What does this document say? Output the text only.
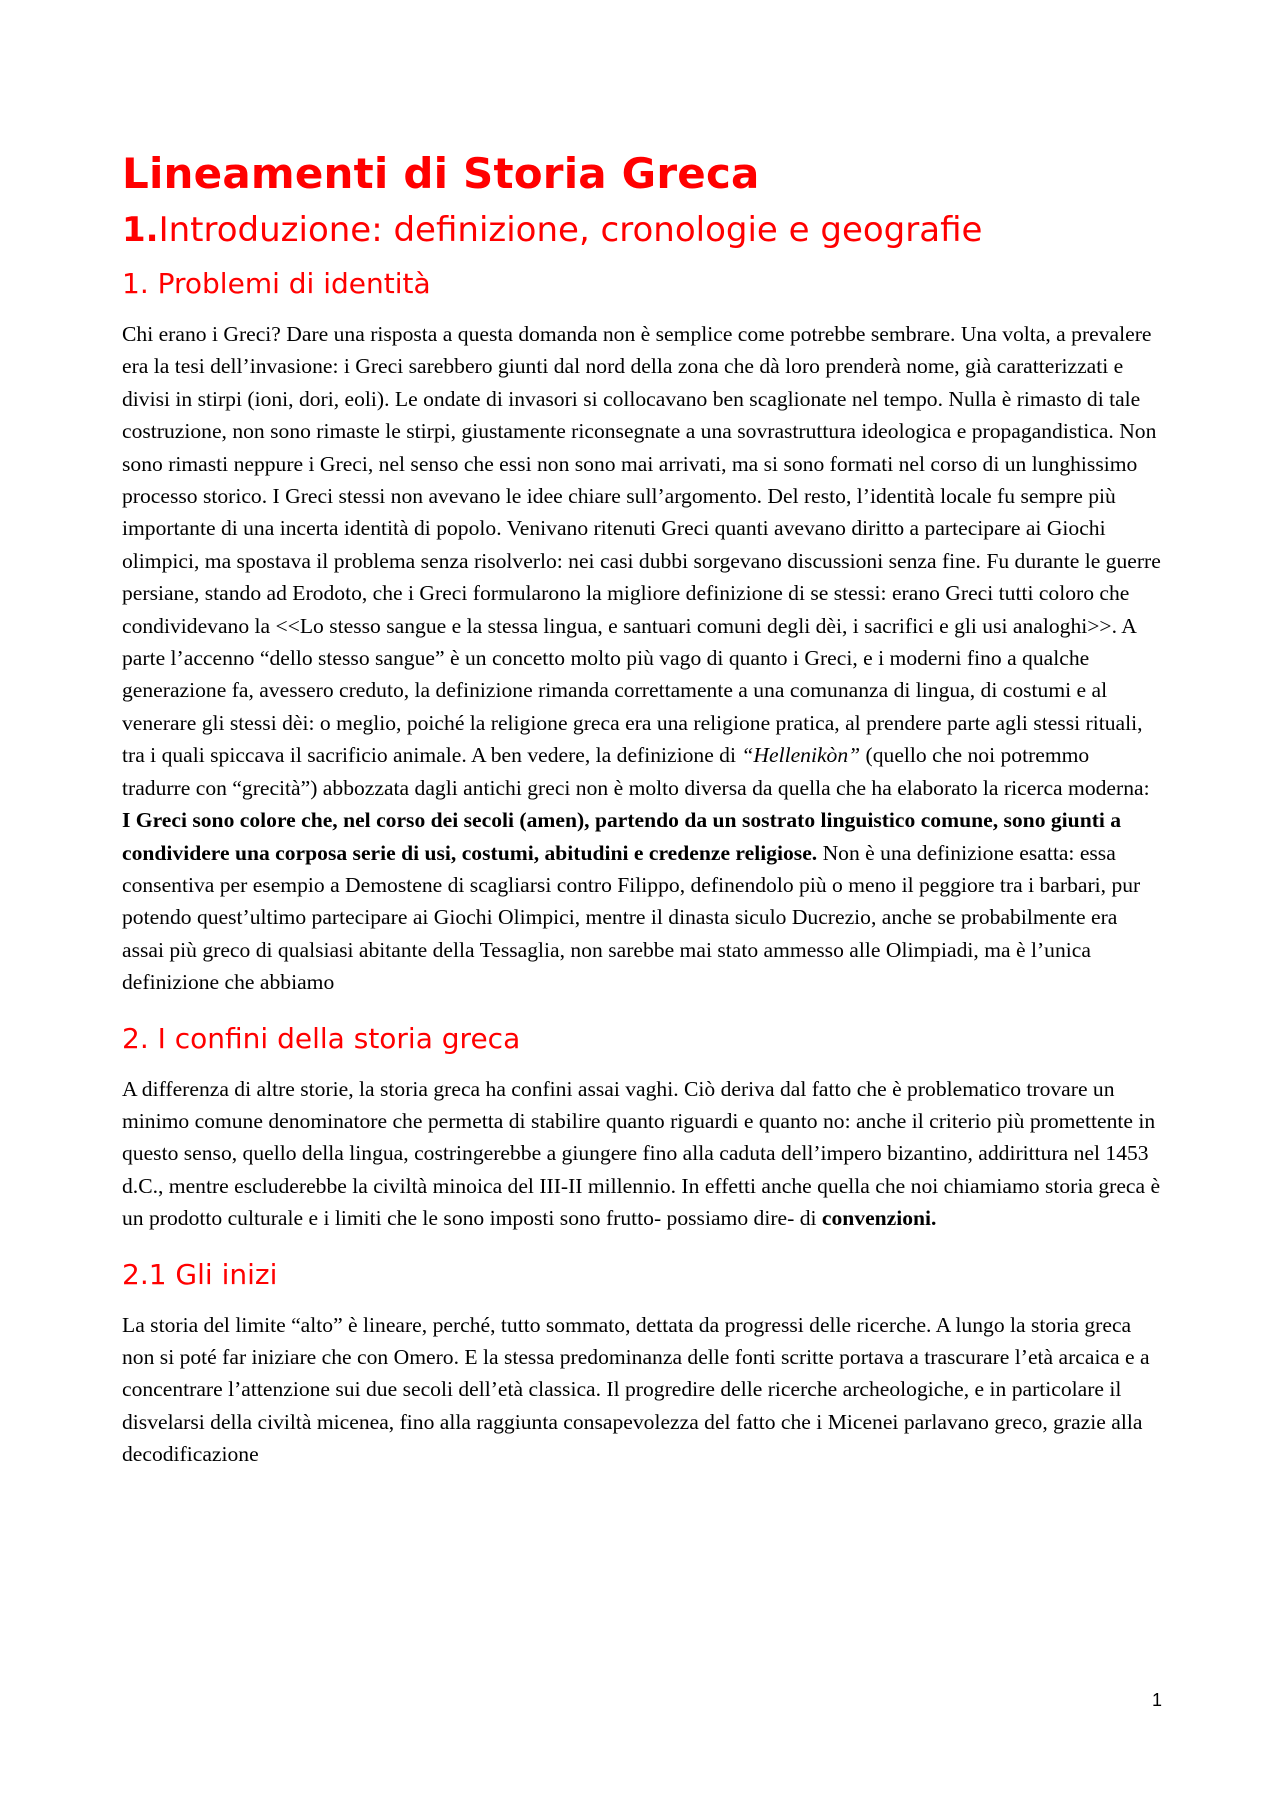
Lineamenti di Storia Greca
1.Introduzione: definizione, cronologie e geografie
1. Problemi di identità

Chi erano i Greci? Dare una risposta a questa domanda non è semplice come potrebbe sembrare. Una volta, a prevalere era la tesi dell’invasione: i Greci sarebbero giunti dal nord della zona che dà loro prenderà nome, già caratterizzati e divisi in stirpi (ioni, dori, eoli). Le ondate di invasori si collocavano ben scaglionate nel tempo. Nulla è rimasto di tale costruzione, non sono rimaste le stirpi, giustamente riconsegnate a una sovrastruttura ideologica e propagandistica. Non sono rimasti neppure i Greci, nel senso che essi non sono mai arrivati, ma si sono formati nel corso di un lunghissimo processo storico. I Greci stessi non avevano le idee chiare sull’argomento. Del resto, l’identità locale fu sempre più importante di una incerta identità di popolo. Venivano ritenuti Greci quanti avevano diritto a partecipare ai Giochi olimpici, ma spostava il problema senza risolverlo: nei casi dubbi sorgevano discussioni senza fine. Fu durante le guerre persiane, stando ad Erodoto, che i Greci formularono la migliore definizione di se stessi: erano Greci tutti coloro che condividevano la <<Lo stesso sangue e la stessa lingua, e santuari comuni degli dèi, i sacrifici e gli usi analoghi>>. A parte l’accenno “dello stesso sangue” è un concetto molto più vago di quanto i Greci, e i moderni fino a qualche generazione fa, avessero creduto, la definizione rimanda correttamente a una comunanza di lingua, di costumi e al venerare gli stessi dèi: o meglio, poiché la religione greca era una religione pratica, al prendere parte agli stessi rituali, tra i quali spiccava il sacrificio animale. A ben vedere, la definizione di “Hellenikòn” (quello che noi potremmo tradurre con “grecità”) abbozzata dagli antichi greci non è molto diversa da quella che ha elaborato la ricerca moderna: I Greci sono colore che, nel corso dei secoli (amen), partendo da un sostrato linguistico comune, sono giunti a condividere una corposa serie di usi, costumi, abitudini e credenze religiose. Non è una definizione esatta: essa consentiva per esempio a Demostene di scagliarsi contro Filippo, definendolo più o meno il peggiore tra i barbari, pur potendo quest’ultimo partecipare ai Giochi Olimpici, mentre il dinasta siculo Ducrezio, anche se probabilmente era assai più greco di qualsiasi abitante della Tessaglia, non sarebbe mai stato ammesso alle Olimpiadi, ma è l’unica definizione che abbiamo

2. I confini della storia greca

A differenza di altre storie, la storia greca ha confini assai vaghi. Ciò deriva dal fatto che è problematico trovare un minimo comune denominatore che permetta di stabilire quanto riguardi e quanto no: anche il criterio più promettente in questo senso, quello della lingua, costringerebbe a giungere fino alla caduta dell’impero bizantino, addirittura nel 1453 d.C., mentre escluderebbe la civiltà minoica del III-II millennio. In effetti anche quella che noi chiamiamo storia greca è un prodotto culturale e i limiti che le sono imposti sono frutto- possiamo dire- di convenzioni.

2.1 Gli inizi

La storia del limite “alto” è lineare, perché, tutto sommato, dettata da progressi delle ricerche. A lungo la storia greca non si poté far iniziare che con Omero. E la stessa predominanza delle fonti scritte portava a trascurare l’età arcaica e a concentrare l’attenzione sui due secoli dell’età classica. Il progredire delle ricerche archeologiche, e in particolare il disvelarsi della civiltà micenea, fino alla raggiunta consapevolezza del fatto che i Micenei parlavano greco, grazie alla decodificazione

1
